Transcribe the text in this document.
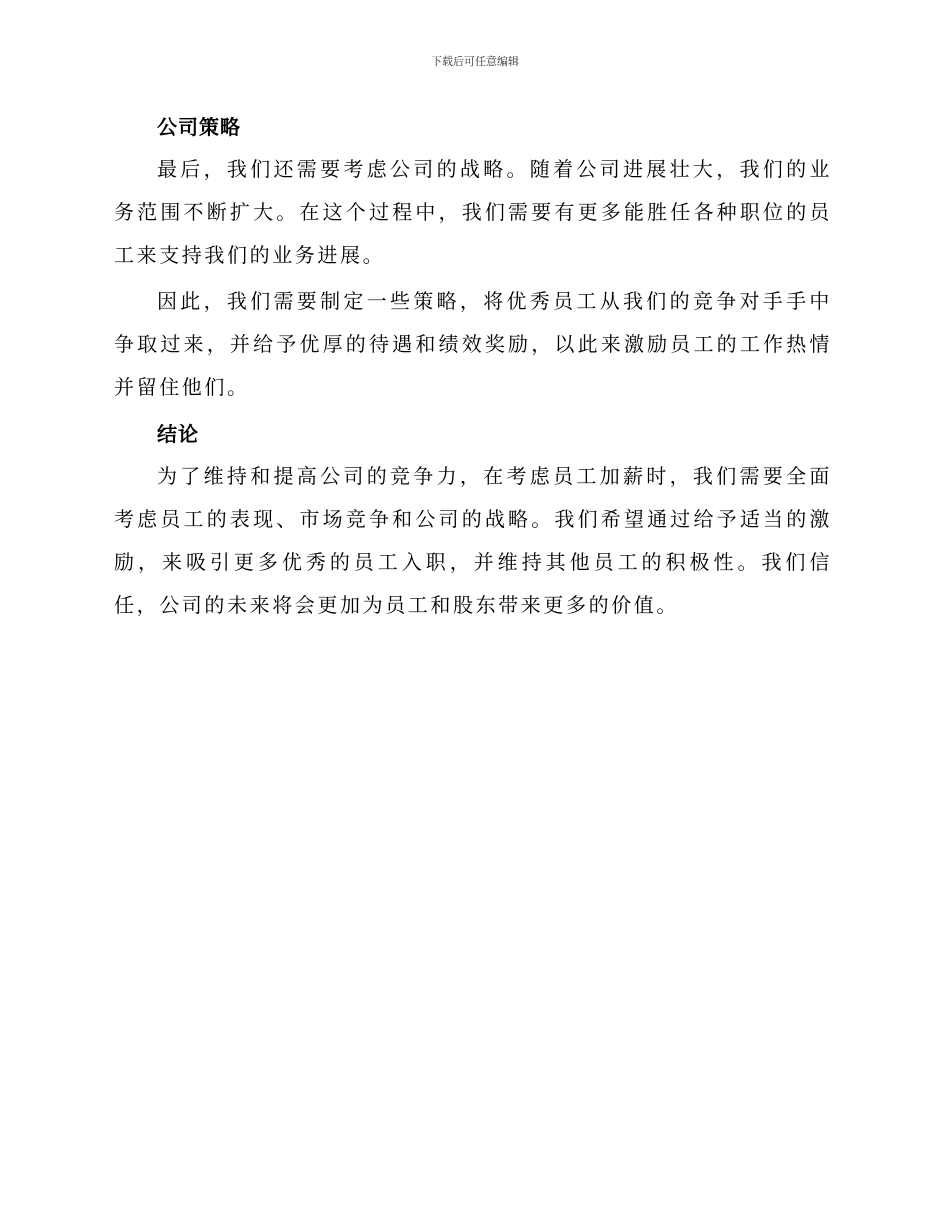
下载后可任意编辑
公司策略

最后，我们还需要考虑公司的战略。随着公司进展壮大，我们的业务范围不断扩大。在这个过程中，我们需要有更多能胜任各种职位的员工来支持我们的业务进展。

因此，我们需要制定一些策略，将优秀员工从我们的竞争对手手中争取过来，并给予优厚的待遇和绩效奖励，以此来激励员工的工作热情并留住他们。

结论

为了维持和提高公司的竞争力，在考虑员工加薪时，我们需要全面考虑员工的表现、市场竞争和公司的战略。我们希望通过给予适当的激励，来吸引更多优秀的员工入职，并维持其他员工的积极性。我们信任，公司的未来将会更加为员工和股东带来更多的价值。
